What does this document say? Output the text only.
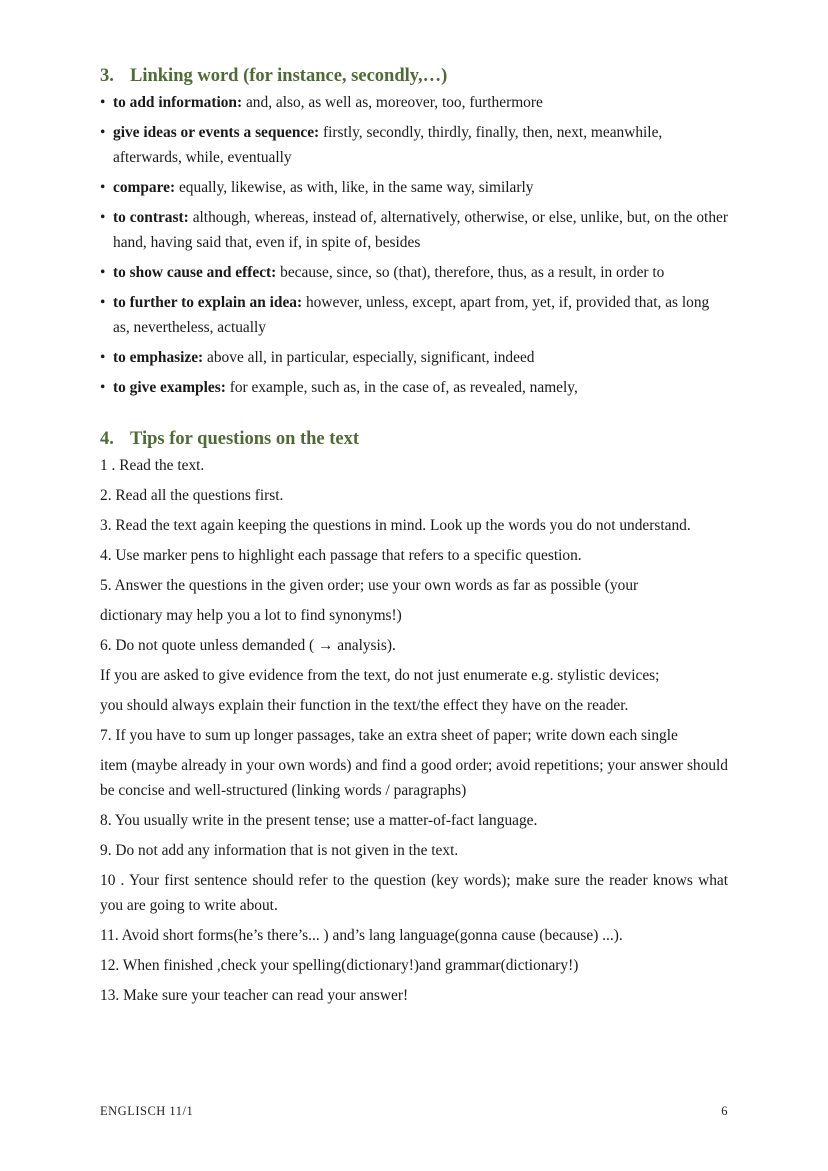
3. Linking word (for instance, secondly,…)
• to add information: and, also, as well as, moreover, too, furthermore
• give ideas or events a sequence: firstly, secondly, thirdly, finally, then, next, meanwhile, afterwards, while, eventually
• compare: equally, likewise, as with, like, in the same way, similarly
• to contrast: although, whereas, instead of, alternatively, otherwise, or else, unlike, but, on the other hand, having said that, even if, in spite of, besides
• to show cause and effect: because, since, so (that), therefore, thus, as a result, in order to
• to further to explain an idea: however, unless, except, apart from, yet, if, provided that, as long as, nevertheless, actually
• to emphasize: above all, in particular, especially, significant, indeed
• to give examples: for example, such as, in the case of, as revealed, namely,
4. Tips for questions on the text

1 . Read the text.

2. Read all the questions first.

3. Read the text again keeping the questions in mind. Look up the words you do not understand.

4. Use marker pens to highlight each passage that refers to a specific question.

5. Answer the questions in the given order; use your own words as far as possible (your

dictionary may help you a lot to find synonyms!)

6. Do not quote unless demanded ( → analysis).

If you are asked to give evidence from the text, do not just enumerate e.g. stylistic devices;

you should always explain their function in the text/the effect they have on the reader.

7. If you have to sum up longer passages, take an extra sheet of paper; write down each single

item (maybe already in your own words) and find a good order; avoid repetitions; your answer should be concise and well-structured (linking words / paragraphs)

8. You usually write in the present tense; use a matter-of-fact language.

9. Do not add any information that is not given in the text.

10 . Your first sentence should refer to the question (key words); make sure the reader knows what you are going to write about.

11. Avoid short forms(he’s there’s... ) and’s lang language(gonna cause (because) ...).

12. When finished ,check your spelling(dictionary!)and grammar(dictionary!)

13. Make sure your teacher can read your answer!

ENGLISCH 11/1	6
